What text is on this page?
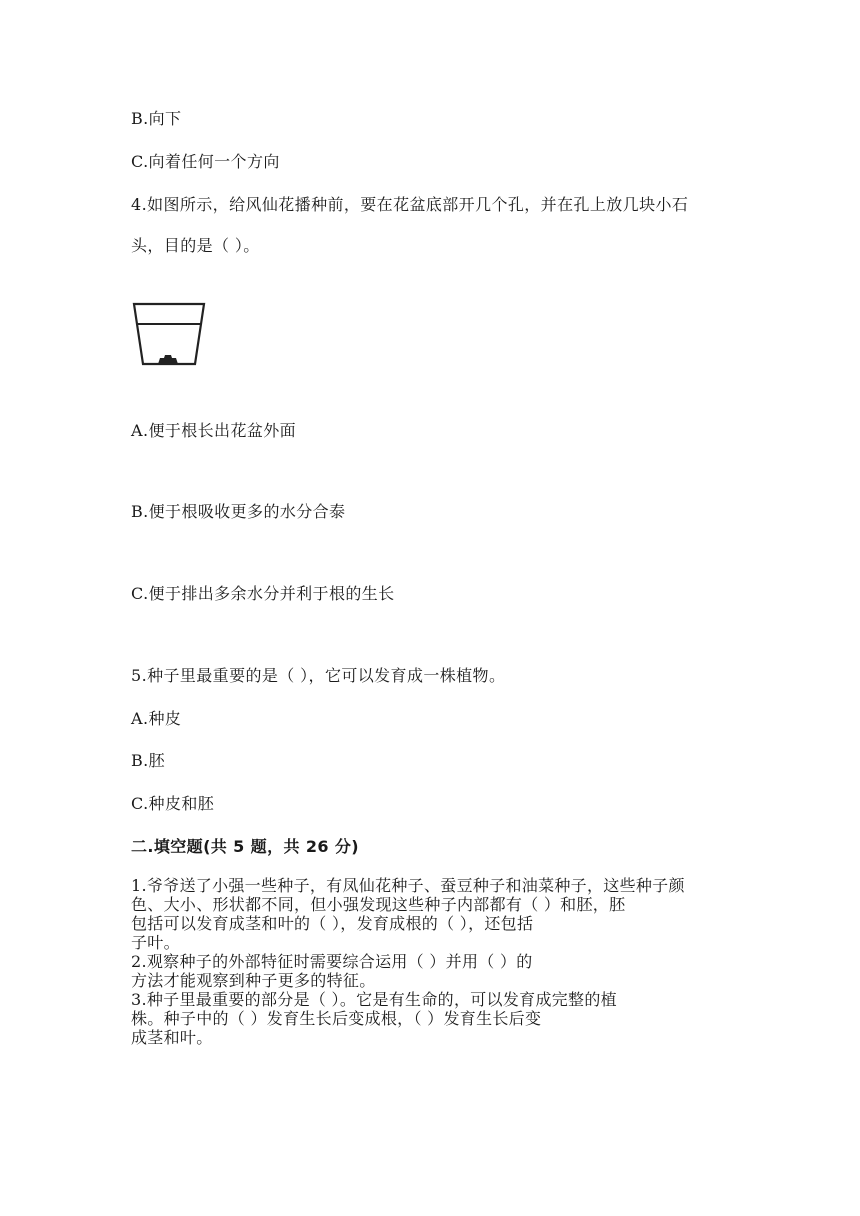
B.向下
C.向着任何一个方向
4.如图所示，给风仙花播种前，要在花盆底部开几个孔，并在孔上放几块小石
头，目的是（ ）。
A.便于根长出花盆外面
B.便于根吸收更多的水分合泰
C.便于排出多余水分并利于根的生长
5.种子里最重要的是（ ），它可以发育成一株植物。
A.种皮
B.胚
C.种皮和胚
二.填空题(共 5 题，共 26 分)
1.爷爷送了小强一些种子，有凤仙花种子、蚕豆种子和油菜种子，这些种子颜
色、大小、形状都不同，但小强发现这些种子内部都有（ ）和胚，胚
包括可以发育成茎和叶的（ ），发育成根的（ ），还包括
子叶。
2.观察种子的外部特征时需要综合运用（ ）并用（ ）的
方法才能观察到种子更多的特征。
3.种子里最重要的部分是（ ）。它是有生命的，可以发育成完整的植
株。种子中的（ ）发育生长后变成根，（ ）发育生长后变
成茎和叶。
